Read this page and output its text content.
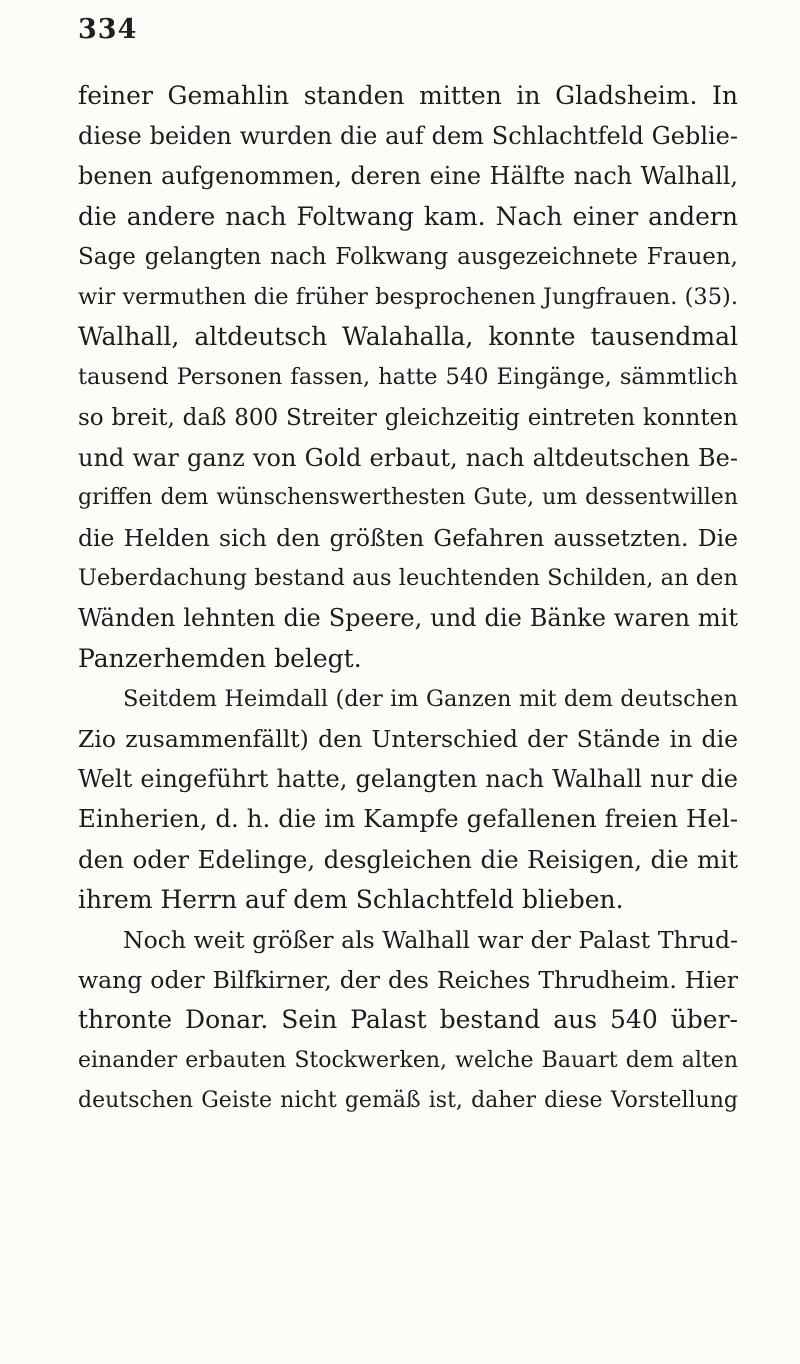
334
feiner Gemahlin standen mitten in Gladsheim. In
diese beiden wurden die auf dem Schlachtfeld Geblie-
benen aufgenommen, deren eine Hälfte nach Walhall,
die andere nach Foltwang kam. Nach einer andern
Sage gelangten nach Folkwang ausgezeichnete Frauen,
wir vermuthen die früher besprochenen Jungfrauen. (35).
Walhall, altdeutsch Walahalla, konnte tausendmal
tausend Personen fassen, hatte 540 Eingänge, sämmtlich
so breit, daß 800 Streiter gleichzeitig eintreten konnten
und war ganz von Gold erbaut, nach altdeutschen Be-
griffen dem wünschenswerthesten Gute, um dessentwillen
die Helden sich den größten Gefahren aussetzten. Die
Ueberdachung bestand aus leuchtenden Schilden, an den
Wänden lehnten die Speere, und die Bänke waren mit
Panzerhemden belegt.
Seitdem Heimdall (der im Ganzen mit dem deutschen
Zio zusammenfällt) den Unterschied der Stände in die
Welt eingeführt hatte, gelangten nach Walhall nur die
Einherien, d. h. die im Kampfe gefallenen freien Hel-
den oder Edelinge, desgleichen die Reisigen, die mit
ihrem Herrn auf dem Schlachtfeld blieben.
Noch weit größer als Walhall war der Palast Thrud-
wang oder Bilfkirner, der des Reiches Thrudheim. Hier
thronte Donar. Sein Palast bestand aus 540 über-
einander erbauten Stockwerken, welche Bauart dem alten
deutschen Geiste nicht gemäß ist, daher diese Vorstellung
